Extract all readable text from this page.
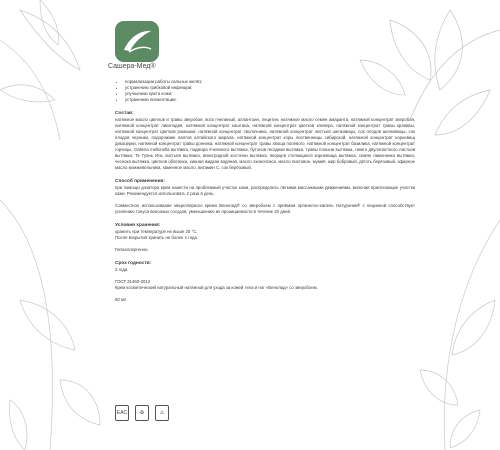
Сашера-Мед®
• нормализации работы сальных желёз;
• устранению грибковой инфекции;
• улучшению цвета кожи;
• устранению пигментации.
Состав:

натяжное масло цветков и травы зверобоя, воск пчелиный, аллантоин, лецитин, натяжное масло семян амаранта, натяжной концентрат зверобоя, натяжной концентрат ликоподия, натяжной концентрат каштана, натяжной концентрат цветков клевера, натяжной концентрат травы крапивы, натяжной концентрат цветков ромашки, натяжной концентрат сволочника, натяжной концентрат листьев шелковицы, сок плодов шелковицы, сок плодов черники, подорожник лантов алтайского марала, натяжной концентрат коры лиственницы сибирской, натяжной концентрат корневищ дикоцерки, натяжной концентрат травы донника, натяжной концентрат травы хвоща полевого, натяжной концентрат базилика, натяжной концентрат горчицы, Galleria mellonella вытяжка, подмора пчелиного вытяжка, бутонов гвоздики вытяжка, травы полыни вытяжка, гинкго двулопастного листьев вытяжка, Те Гуань Инь листьев вытяжка, виноградной косточки вытяжка, якорцев стелющихся корневища вытяжка, семян лимонника вытяжка, чеснока вытяжка, цветков облепихи, хинная жидкая водяная, масло эхинопсиса, масло пихтовое, мумиё, жир бобровый, дёготь берёзовый, эфирное масло можжевельника, каменное масло, витамин С, сок берёзовый.

Способ применения:

при помощи дозатора крем нанести на проблемный участок кожи, распределить лёгкими массажными движениями, включая прилегающие участки кожи. Рекомендуется использовать 2 раза в день.

Совместное использование мицеллярного крема Венолад® со зверобоем с приёмом органелло-капель Натуроник® с пецинной способствует усилению тонуса венозных сосудов, уменьшению их проницаемости в течение 20 дней.

Условия хранения:

хранить при температуре не выше 25 °С.

После вскрытия хранить не более 1 года.

Гипоаллергенно.

Срок годности:

2 года.

ГОСТ 31460-2012

Крем косметический натуральный натяжной для ухода за кожей тела и ног «Венолад» со зверобоем.

50 мл

EAC	♻	⚠
